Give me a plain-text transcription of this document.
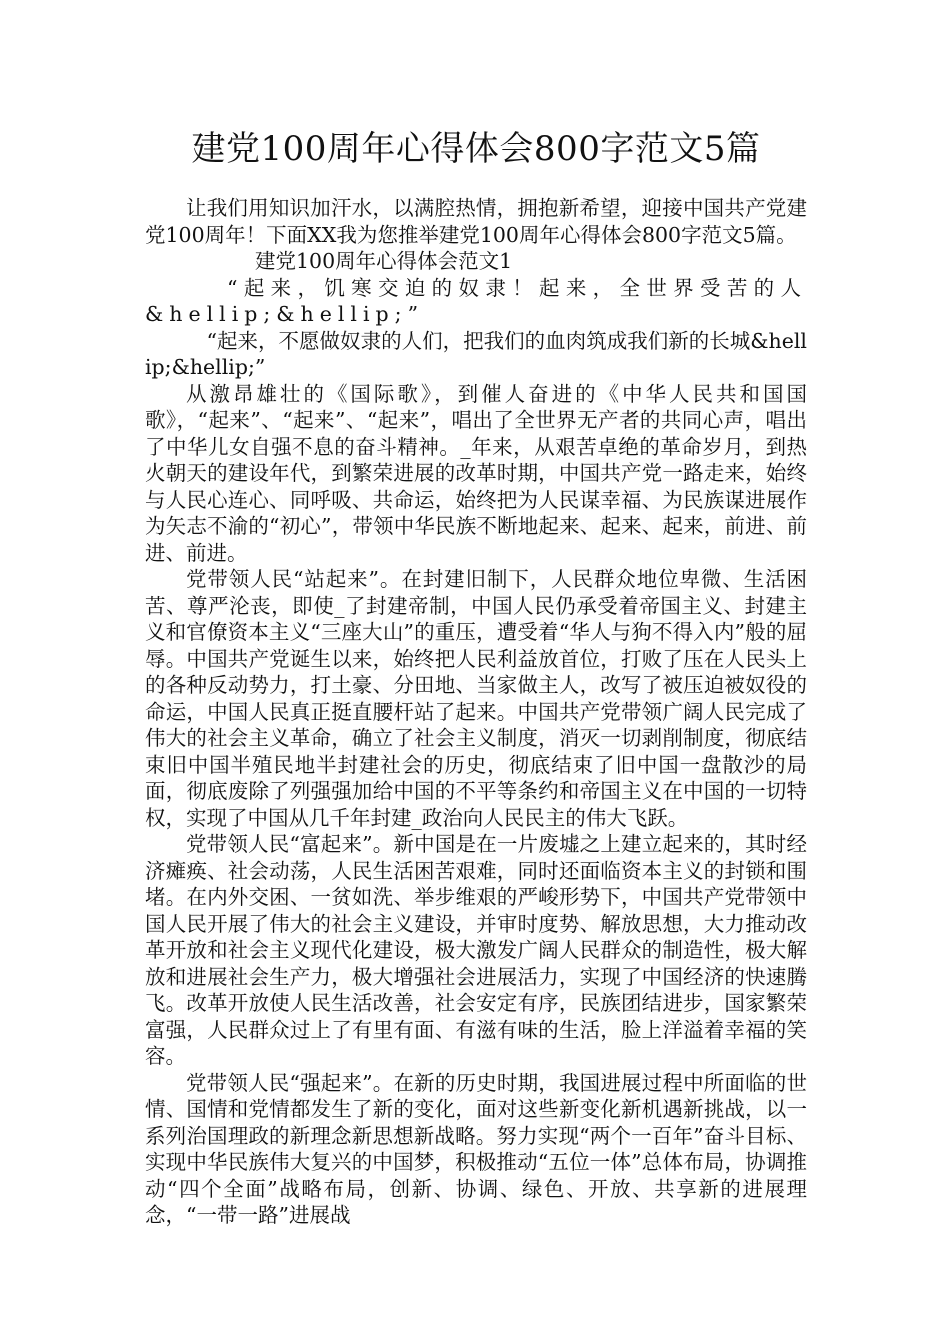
建党100周年心得体会800字范文5篇

让我们用知识加汗水，以满腔热情，拥抱新希望，迎接中国共产党建党100周年！下面XX我为您推举建党100周年心得体会800字范文5篇。

建党100周年心得体会范文1

“起来，饥寒交迫的奴隶！起来，全世界受苦的人&hellip;&hellip;”

“起来，不愿做奴隶的人们，把我们的血肉筑成我们新的长城&hellip;&hellip;”

从激昂雄壮的《国际歌》，到催人奋进的《中华人民共和国国歌》，“起来”、“起来”、“起来”，唱出了全世界无产者的共同心声，唱出了中华儿女自强不息的奋斗精神。_年来，从艰苦卓绝的革命岁月，到热火朝天的建设年代，到繁荣进展的改革时期，中国共产党一路走来，始终与人民心连心、同呼吸、共命运，始终把为人民谋幸福、为民族谋进展作为矢志不渝的“初心”，带领中华民族不断地起来、起来、起来，前进、前进、前进。

党带领人民“站起来”。在封建旧制下，人民群众地位卑微、生活困苦、尊严沦丧，即使_了封建帝制，中国人民仍承受着帝国主义、封建主义和官僚资本主义“三座大山”的重压，遭受着“华人与狗不得入内”般的屈辱。中国共产党诞生以来，始终把人民利益放首位，打败了压在人民头上的各种反动势力，打土豪、分田地、当家做主人，改写了被压迫被奴役的命运，中国人民真正挺直腰杆站了起来。中国共产党带领广阔人民完成了伟大的社会主义革命，确立了社会主义制度，消灭一切剥削制度，彻底结束旧中国半殖民地半封建社会的历史，彻底结束了旧中国一盘散沙的局面，彻底废除了列强强加给中国的不平等条约和帝国主义在中国的一切特权，实现了中国从几千年封建_政治向人民民主的伟大飞跃。

党带领人民“富起来”。新中国是在一片废墟之上建立起来的，其时经济瘫痪、社会动荡，人民生活困苦艰难，同时还面临资本主义的封锁和围堵。在内外交困、一贫如洗、举步维艰的严峻形势下，中国共产党带领中国人民开展了伟大的社会主义建设，并审时度势、解放思想，大力推动改革开放和社会主义现代化建设，极大激发广阔人民群众的制造性，极大解放和进展社会生产力，极大增强社会进展活力，实现了中国经济的快速腾飞。改革开放使人民生活改善，社会安定有序，民族团结进步，国家繁荣富强，人民群众过上了有里有面、有滋有味的生活，脸上洋溢着幸福的笑容。

党带领人民“强起来”。在新的历史时期，我国进展过程中所面临的世情、国情和党情都发生了新的变化，面对这些新变化新机遇新挑战，以一系列治国理政的新理念新思想新战略。努力实现“两个一百年”奋斗目标、实现中华民族伟大复兴的中国梦，积极推动“五位一体”总体布局，协调推动“四个全面”战略布局，创新、协调、绿色、开放、共享新的进展理念，“一带一路”进展战
